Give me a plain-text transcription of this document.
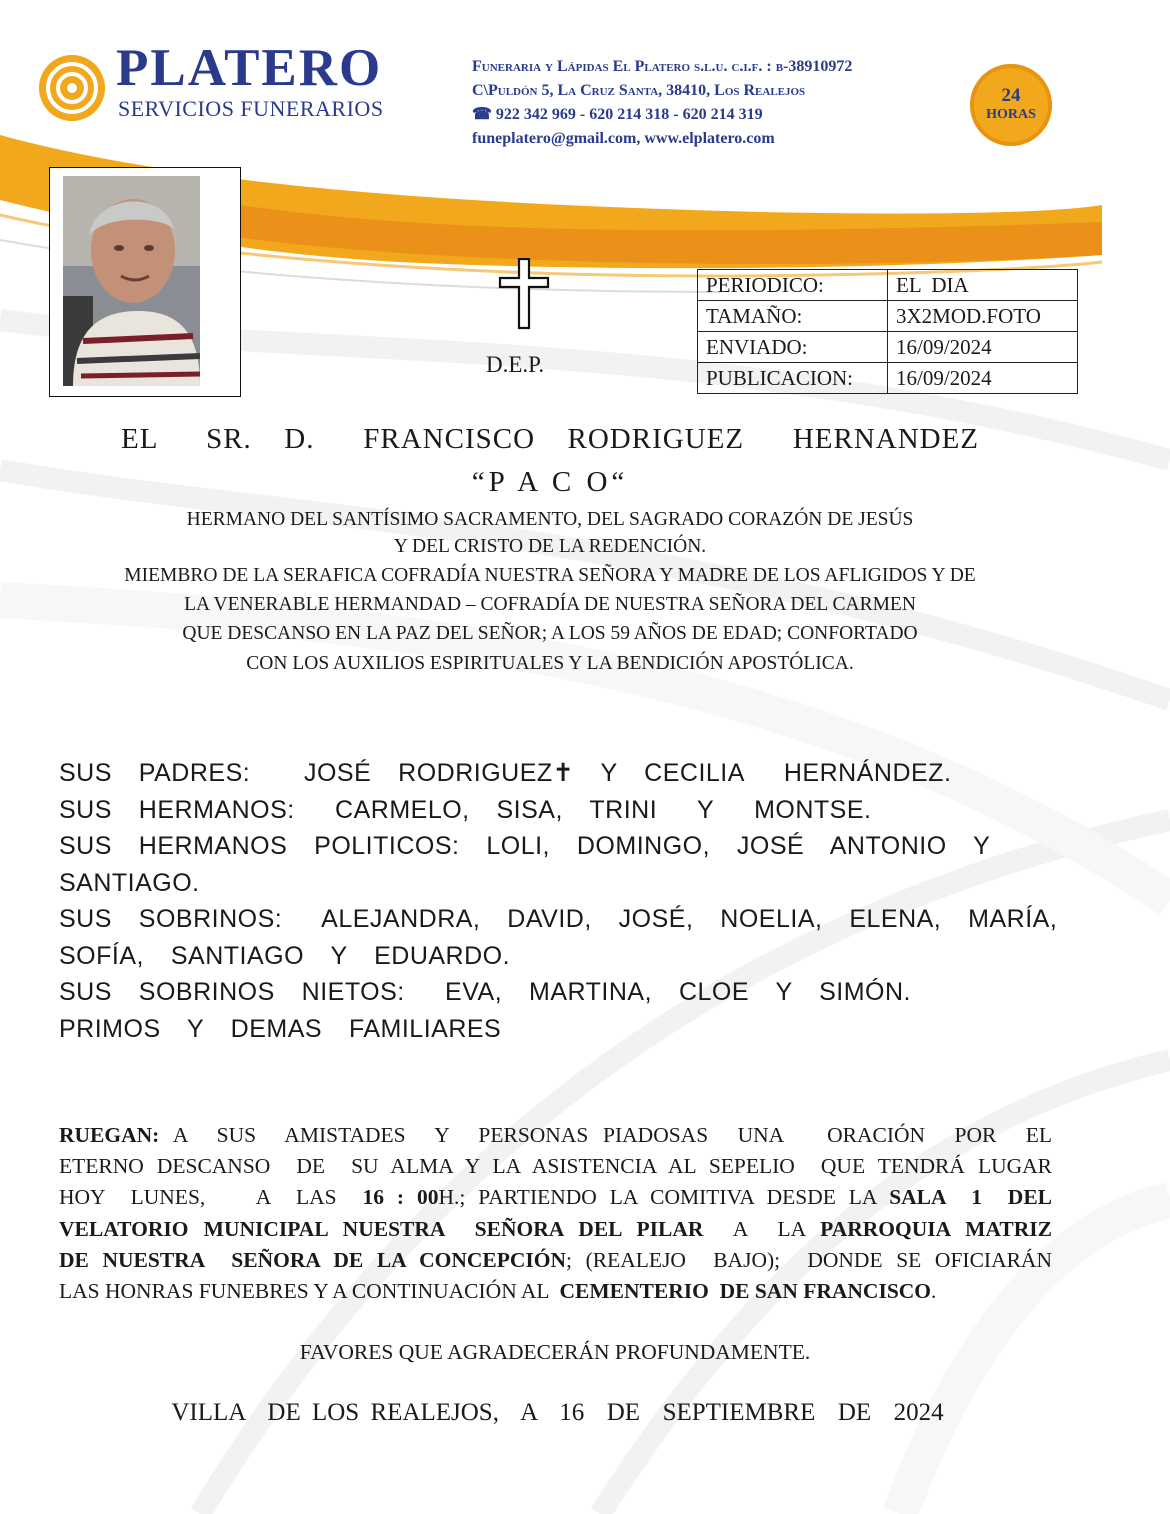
PLATERO
SERVICIOS FUNERARIOS
Funeraria y Lápidas El Platero s.l.u. c.i.f. : b-38910972
C\Puldón 5, La Cruz Santa, 38410, Los Realejos
☎ 922 342 969 - 620 214 318 - 620 214 319
funeplatero@gmail.com, www.elplatero.com
24
HORAS
D.E.P.
PERIODICO:	EL  DIA
TAMAÑO:	3X2MOD.FOTO
ENVIADO:	16/09/2024
PUBLICACION:	16/09/2024
EL   SR.  D.   FRANCISCO  RODRIGUEZ   HERNANDEZ
“P A C O“
HERMANO DEL SANTÍSIMO SACRAMENTO, DEL SAGRADO CORAZÓN DE JESÚS
Y DEL CRISTO DE LA REDENCIÓN.
MIEMBRO DE LA SERAFICA COFRADÍA NUESTRA SEÑORA Y MADRE DE LOS AFLIGIDOS Y DE
LA VENERABLE HERMANDAD – COFRADÍA DE NUESTRA SEÑORA DEL CARMEN
QUE DESCANSO EN LA PAZ DEL SEÑOR; A LOS 59 AÑOS DE EDAD; CONFORTADO
CON LOS AUXILIOS ESPIRITUALES Y LA BENDICIÓN APOSTÓLICA.
SUS  PADRES:    JOSÉ  RODRIGUEZ✝  Y  CECILIA   HERNÁNDEZ.
SUS  HERMANOS:   CARMELO,  SISA,  TRINI   Y   MONTSE.
SUS  HERMANOS  POLITICOS:  LOLI,  DOMINGO,  JOSÉ  ANTONIO  Y
SANTIAGO.
SUS  SOBRINOS:   ALEJANDRA,  DAVID,  JOSÉ,  NOELIA,  ELENA,  MARÍA,
SOFÍA,  SANTIAGO  Y  EDUARDO.
SUS  SOBRINOS  NIETOS:   EVA,  MARTINA,  CLOE  Y  SIMÓN.
PRIMOS  Y  DEMAS  FAMILIARES
RUEGAN: A  SUS  AMISTADES  Y  PERSONAS PIADOSAS  UNA   ORACIÓN  POR  EL
ETERNO DESCANSO  DE  SU ALMA Y LA ASISTENCIA AL SEPELIO  QUE TENDRÁ LUGAR
HOY  LUNES,    A  LAS  16 : 00H.; PARTIENDO LA COMITIVA DESDE LA SALA  1  DEL
VELATORIO MUNICIPAL NUESTRA  SEÑORA DEL PILAR  A  LA PARROQUIA MATRIZ
DE NUESTRA  SEÑORA DE LA CONCEPCIÓN; (REALEJO  BAJO);  DONDE SE OFICIARÁN
LAS HONRAS FUNEBRES Y A CONTINUACIÓN AL  CEMENTERIO  DE SAN FRANCISCO.
FAVORES QUE AGRADECERÁN PROFUNDAMENTE.
VILLA  DE LOS REALEJOS,  A  16  DE  SEPTIEMBRE  DE  2024
